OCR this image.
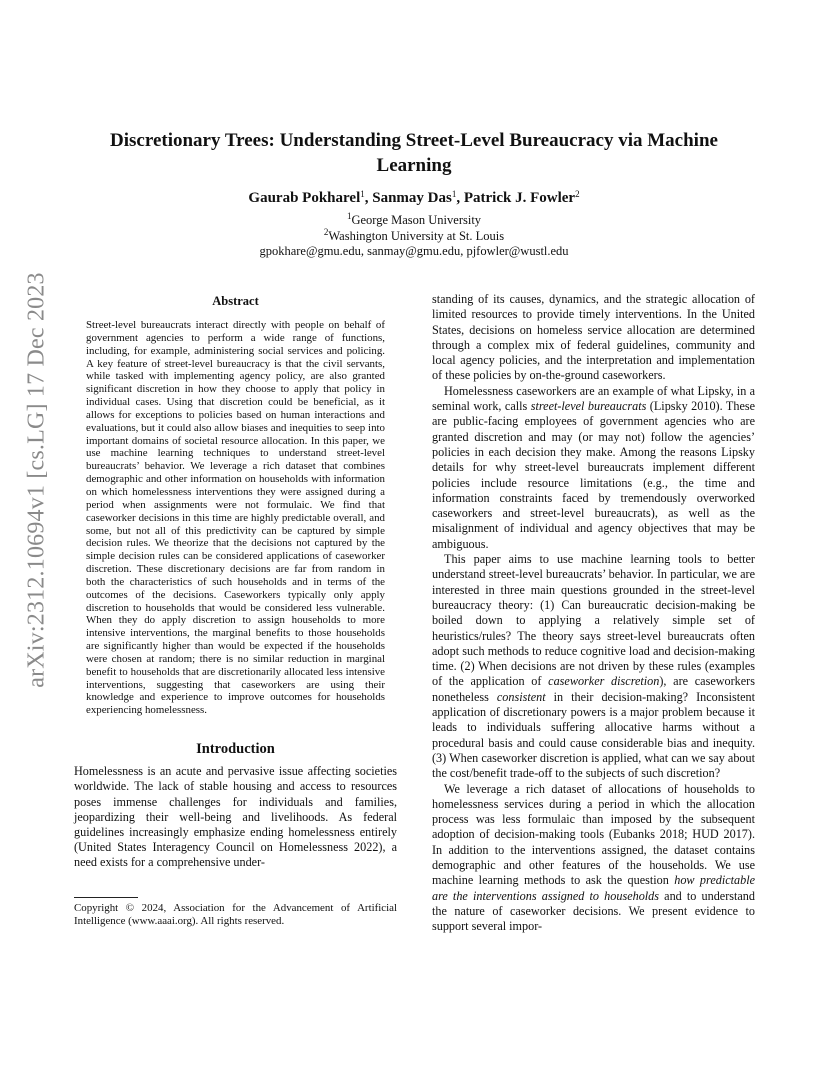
arXiv:2312.10694v1 [cs.LG] 17 Dec 2023
Discretionary Trees: Understanding Street-Level Bureaucracy via Machine Learning
Gaurab Pokharel$^1$, Sanmay Das$^1$, Patrick J. Fowler$^2$
$^1$George Mason University
$^2$Washington University at St. Louis
gpokhare@gmu.edu, sanmay@gmu.edu, pjfowler@wustl.edu
Abstract

Street-level bureaucrats interact directly with people on behalf of government agencies to perform a wide range of functions, including, for example, administering social services and policing. A key feature of street-level bureaucracy is that the civil servants, while tasked with implementing agency policy, are also granted significant discretion in how they choose to apply that policy in individual cases. Using that discretion could be beneficial, as it allows for exceptions to policies based on human interactions and evaluations, but it could also allow biases and inequities to seep into important domains of societal resource allocation. In this paper, we use machine learning techniques to understand street-level bureaucrats’ behavior. We leverage a rich dataset that combines demographic and other information on households with information on which homelessness interventions they were assigned during a period when assignments were not formulaic. We find that caseworker decisions in this time are highly predictable overall, and some, but not all of this predictivity can be captured by simple decision rules. We theorize that the decisions not captured by the simple decision rules can be considered applications of caseworker discretion. These discretionary decisions are far from random in both the characteristics of such households and in terms of the outcomes of the decisions. Caseworkers typically only apply discretion to households that would be considered less vulnerable. When they do apply discretion to assign households to more intensive interventions, the marginal benefits to those households are significantly higher than would be expected if the households were chosen at random; there is no similar reduction in marginal benefit to households that are discretionarily allocated less intensive interventions, suggesting that caseworkers are using their knowledge and experience to improve outcomes for households experiencing homelessness.

Introduction

Homelessness is an acute and pervasive issue affecting societies worldwide. The lack of stable housing and access to resources poses immense challenges for individuals and families, jeopardizing their well-being and livelihoods. As federal guidelines increasingly emphasize ending homelessness entirely (United States Interagency Council on Homelessness 2022), a need exists for a comprehensive under-

standing of its causes, dynamics, and the strategic allocation of limited resources to provide timely interventions. In the United States, decisions on homeless service allocation are determined through a complex mix of federal guidelines, community and local agency policies, and the interpretation and implementation of these policies by on-the-ground caseworkers.

Homelessness caseworkers are an example of what Lipsky, in a seminal work, calls street-level bureaucrats (Lipsky 2010). These are public-facing employees of government agencies who are granted discretion and may (or may not) follow the agencies’ policies in each decision they make. Among the reasons Lipsky details for why street-level bureaucrats implement different policies include resource limitations (e.g., the time and information constraints faced by tremendously overworked caseworkers and street-level bureaucrats), as well as the misalignment of individual and agency objectives that may be ambiguous.

This paper aims to use machine learning tools to better understand street-level bureaucrats’ behavior. In particular, we are interested in three main questions grounded in the street-level bureaucracy theory: (1) Can bureaucratic decision-making be boiled down to applying a relatively simple set of heuristics/rules? The theory says street-level bureaucrats often adopt such methods to reduce cognitive load and decision-making time. (2) When decisions are not driven by these rules (examples of the application of caseworker discretion), are caseworkers nonetheless consistent in their decision-making? Inconsistent application of discretionary powers is a major problem because it leads to individuals suffering allocative harms without a procedural basis and could cause considerable bias and inequity. (3) When caseworker discretion is applied, what can we say about the cost/benefit trade-off to the subjects of such discretion?

We leverage a rich dataset of allocations of households to homelessness services during a period in which the allocation process was less formulaic than imposed by the subsequent adoption of decision-making tools (Eubanks 2018; HUD 2017). In addition to the interventions assigned, the dataset contains demographic and other features of the households. We use machine learning methods to ask the question how predictable are the interventions assigned to households and to understand the nature of caseworker decisions. We present evidence to support several impor-

Copyright © 2024, Association for the Advancement of Artificial Intelligence (www.aaai.org). All rights reserved.
